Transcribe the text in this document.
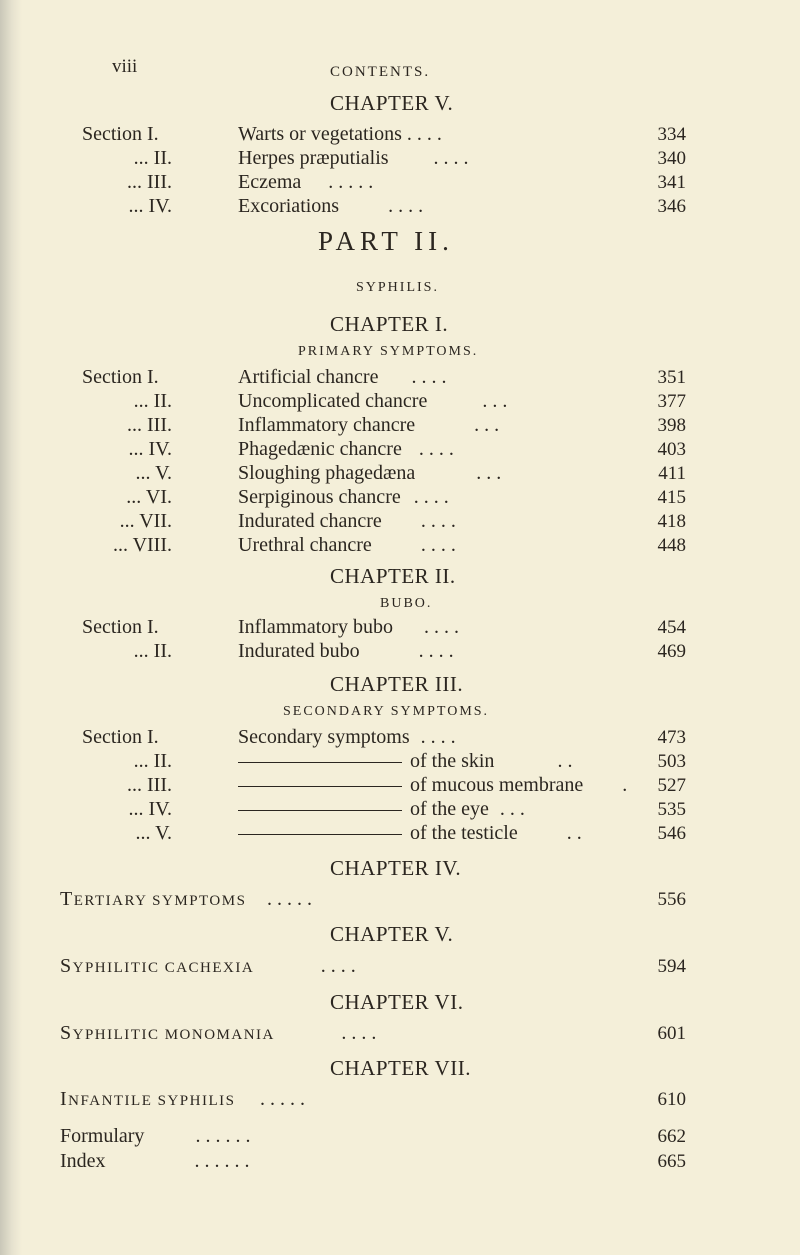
viii	CONTENTS.
CHAPTER V.
Section I.	Warts or vegetations . . . .	334
... II.	Herpes præputialis . . . .	340
... III.	Eczema . . . . .	341
... IV.	Excoriations . . . .	346
PART II.
SYPHILIS.
CHAPTER I.
PRIMARY SYMPTOMS.
Section I.	Artificial chancre . . . .	351
... II.	Uncomplicated chancre	. . .	377
... III.	Inflammatory chancre	. . .	398
... IV.	Phagedænic chancre . . . .	403
... V.	Sloughing phagedæna	. . .	411
... VI.	Serpiginous chancre . . . .	415
... VII.	Indurated chancre . . . .	418
... VIII.	Urethral chancre . . . .	448
CHAPTER II.
BUBO.
Section I.	Inflammatory bubo . . . .	454
... II.	Indurated bubo	. . . .	469
CHAPTER III.
SECONDARY SYMPTOMS.
Section I.	Secondary symptoms . . . .	473
... II.	of the skin	. .	503
... III.	of mucous membrane .	527
... IV.	of the eye . . .	535
... V.	of the testicle . .	546
CHAPTER IV.
TERTIARY SYMPTOMS . . . . .	556
CHAPTER V.
SYPHILITIC CACHEXIA	. . . .	594
CHAPTER VI.
SYPHILITIC MONOMANIA	. . . .	601
CHAPTER VII.
INFANTILE SYPHILIS . . . . .	610
Formulary	. . . . . .	662
Index	. . . . . .	665
